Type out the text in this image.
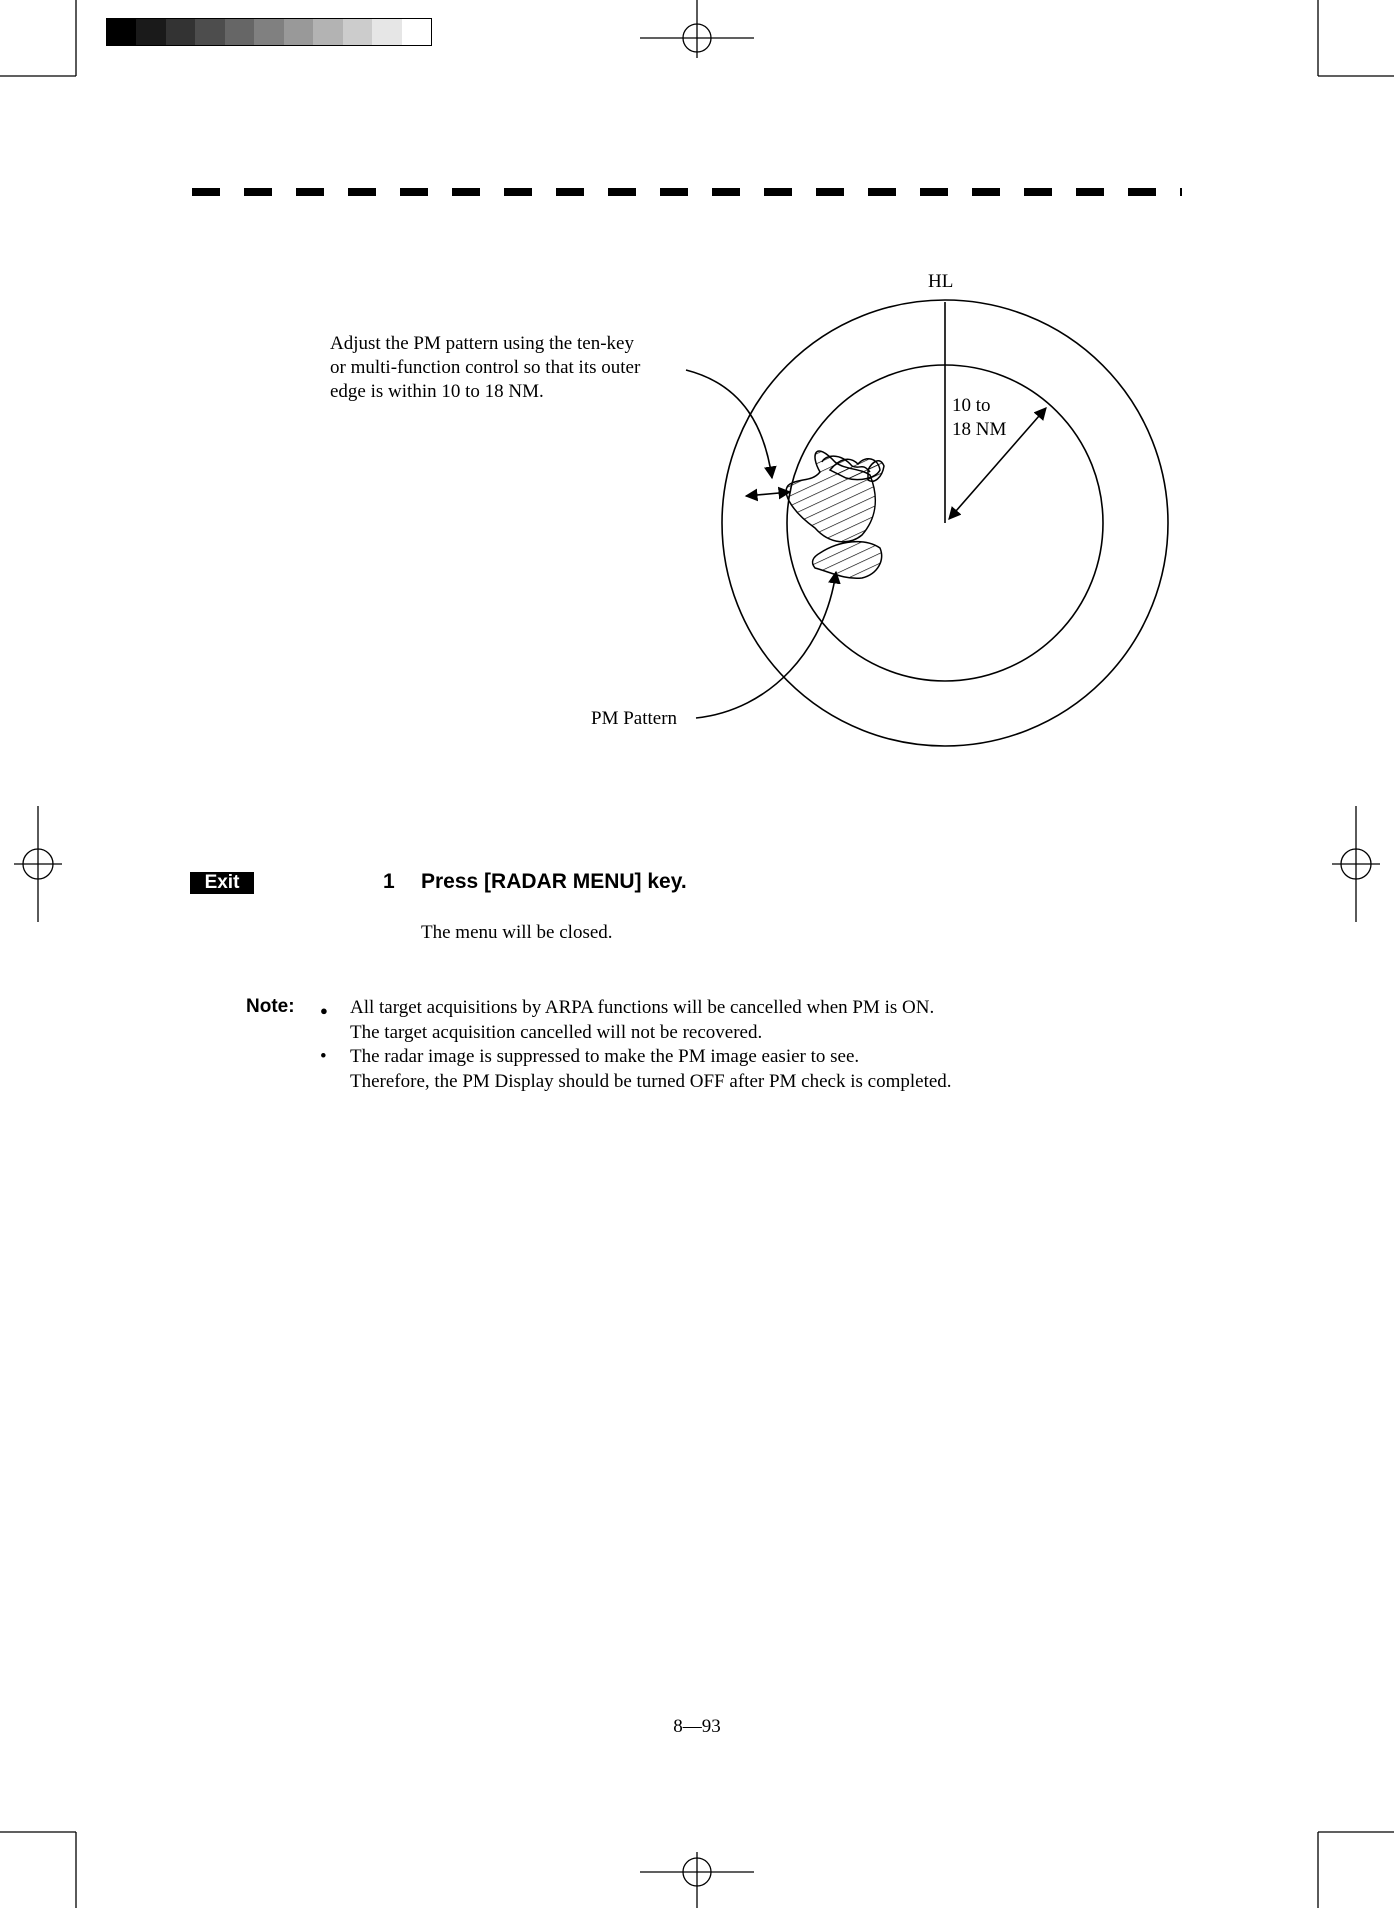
HL
Adjust the PM pattern using the ten-key
or multi-function control so that its outer
edge is within 10 to 18 NM.
10 to
18 NM
PM Pattern
Exit	1 Press [RADAR MENU] key.
The menu will be closed.
Note: ● All target acquisitions by ARPA functions will be cancelled when PM is ON.
The target acquisition cancelled will not be recovered.
• The radar image is suppressed to make the PM image easier to see.
Therefore, the PM Display should be turned OFF after PM check is completed.
8—93
